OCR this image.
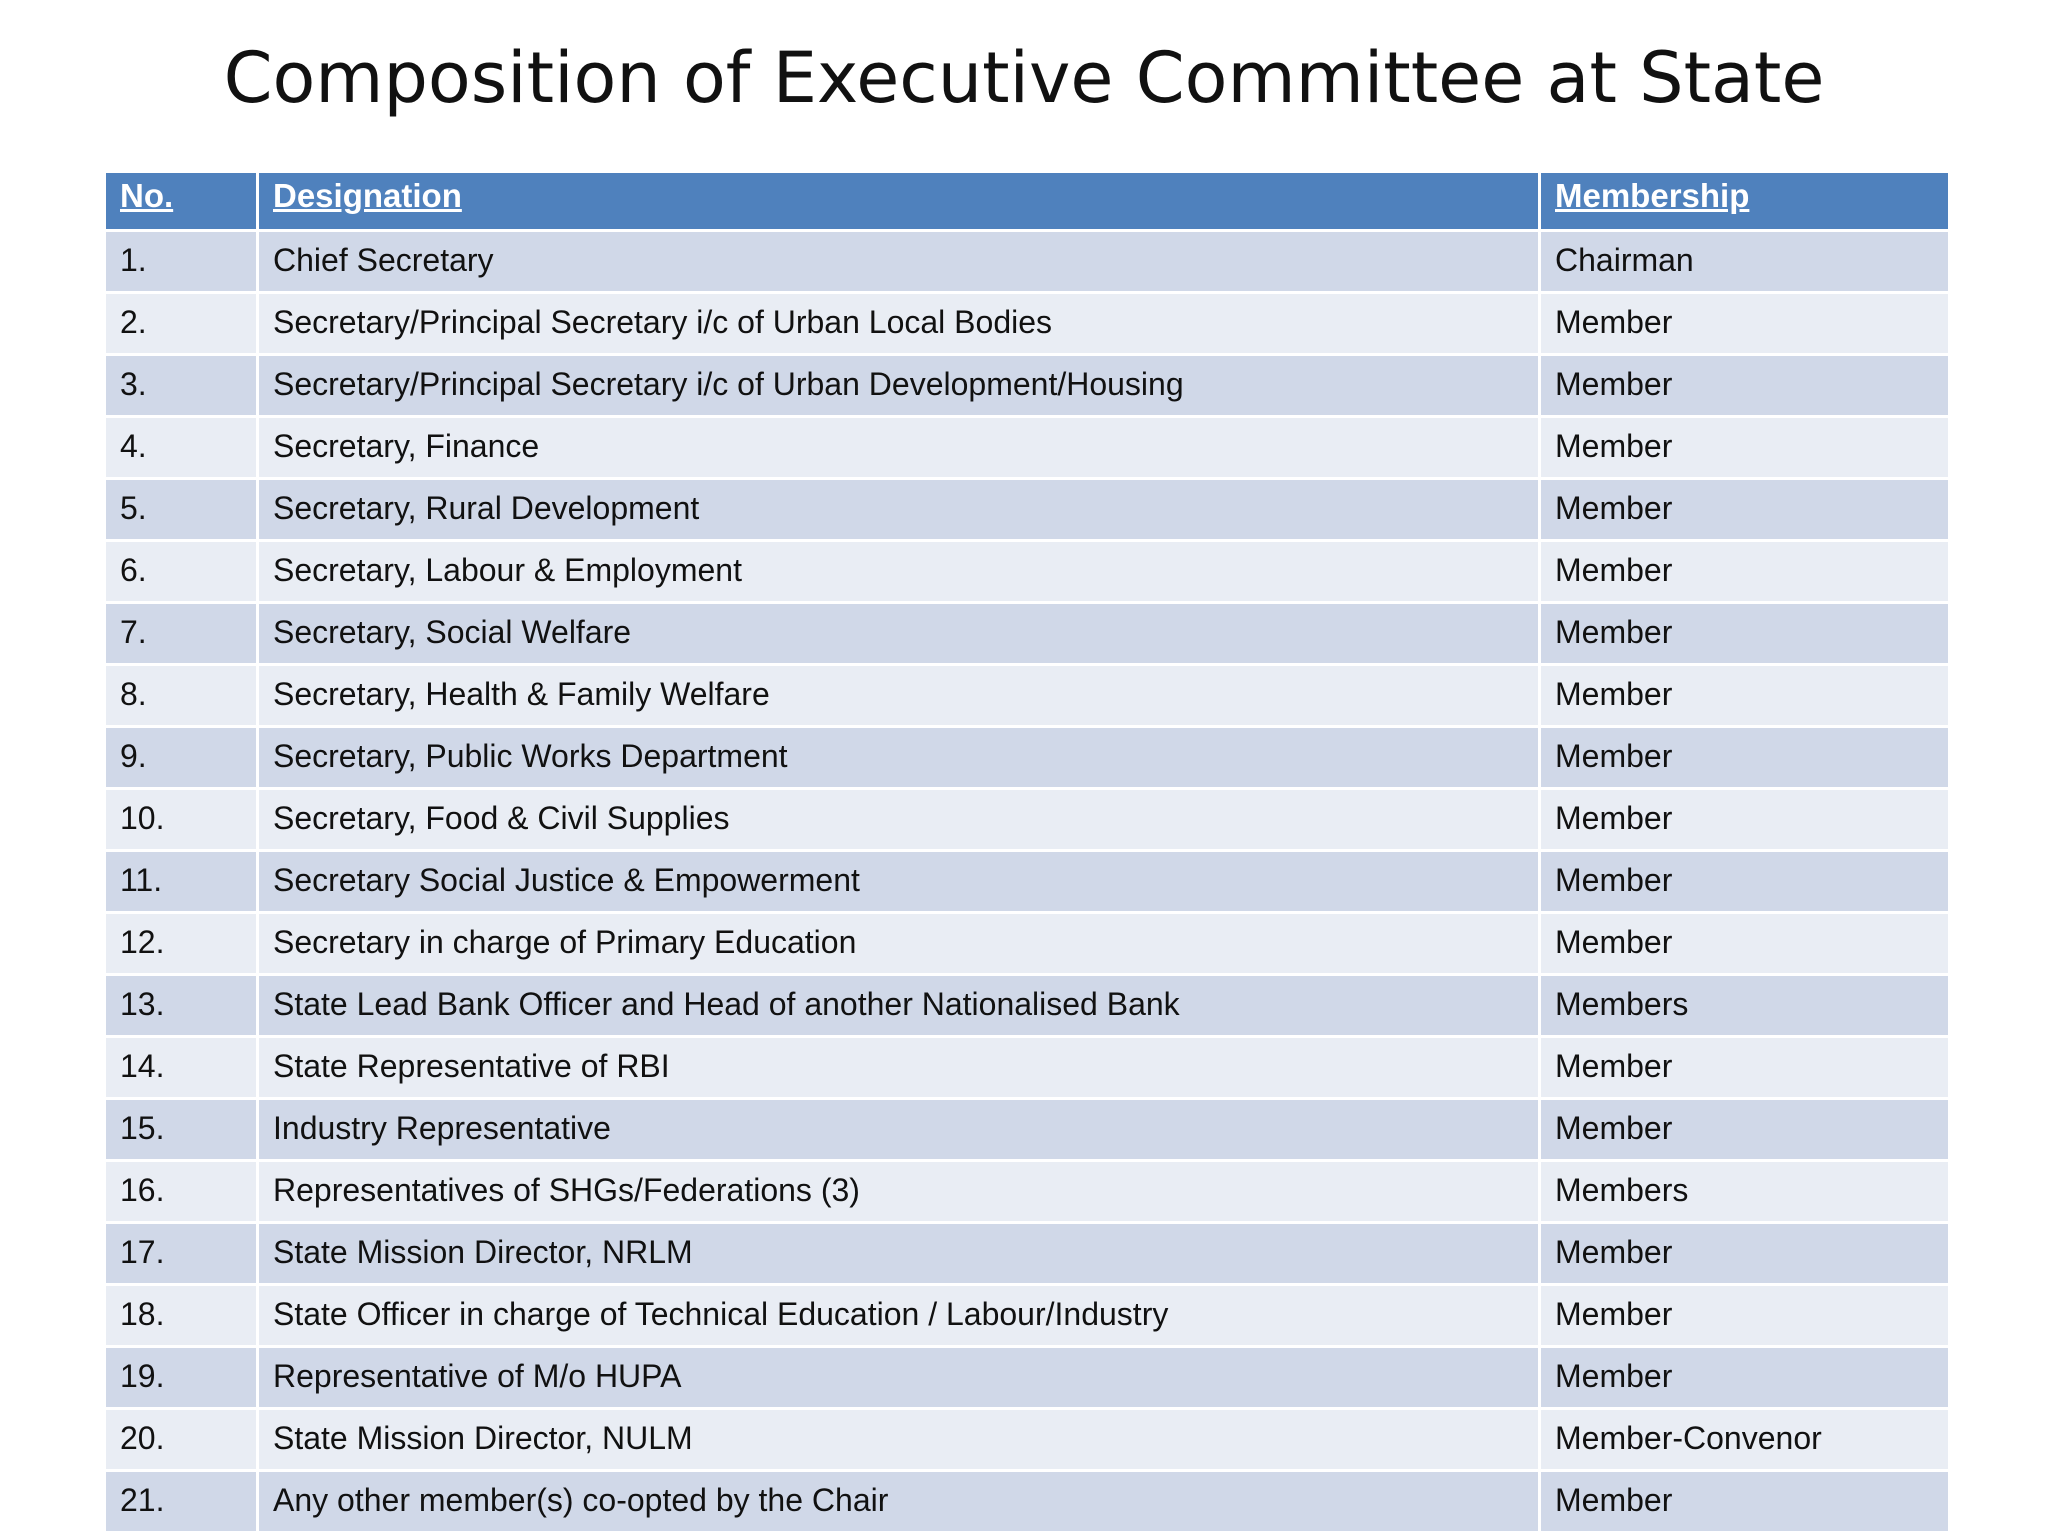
Composition of Executive Committee at State
No.	Designation	Membership
1.	Chief Secretary	Chairman
2.	Secretary/Principal Secretary i/c of Urban Local Bodies	Member
3.	Secretary/Principal Secretary i/c of Urban Development/Housing	Member
4.	Secretary, Finance	Member
5.	Secretary, Rural Development	Member
6.	Secretary, Labour & Employment	Member
7.	Secretary, Social Welfare	Member
8.	Secretary, Health & Family Welfare	Member
9.	Secretary, Public Works Department	Member
10.	Secretary, Food & Civil Supplies	Member
11.	Secretary Social Justice & Empowerment	Member
12.	Secretary in charge of Primary Education	Member
13.	State Lead Bank Officer and Head of another Nationalised Bank	Members
14.	State Representative of RBI	Member
15.	Industry Representative	Member
16.	Representatives of SHGs/Federations (3)	Members
17.	State Mission Director, NRLM	Member
18.	State Officer in charge of Technical Education / Labour/Industry	Member
19.	Representative of M/o HUPA	Member
20.	State Mission Director, NULM	Member-Convenor
21.	Any other member(s) co-opted by the Chair	Member
